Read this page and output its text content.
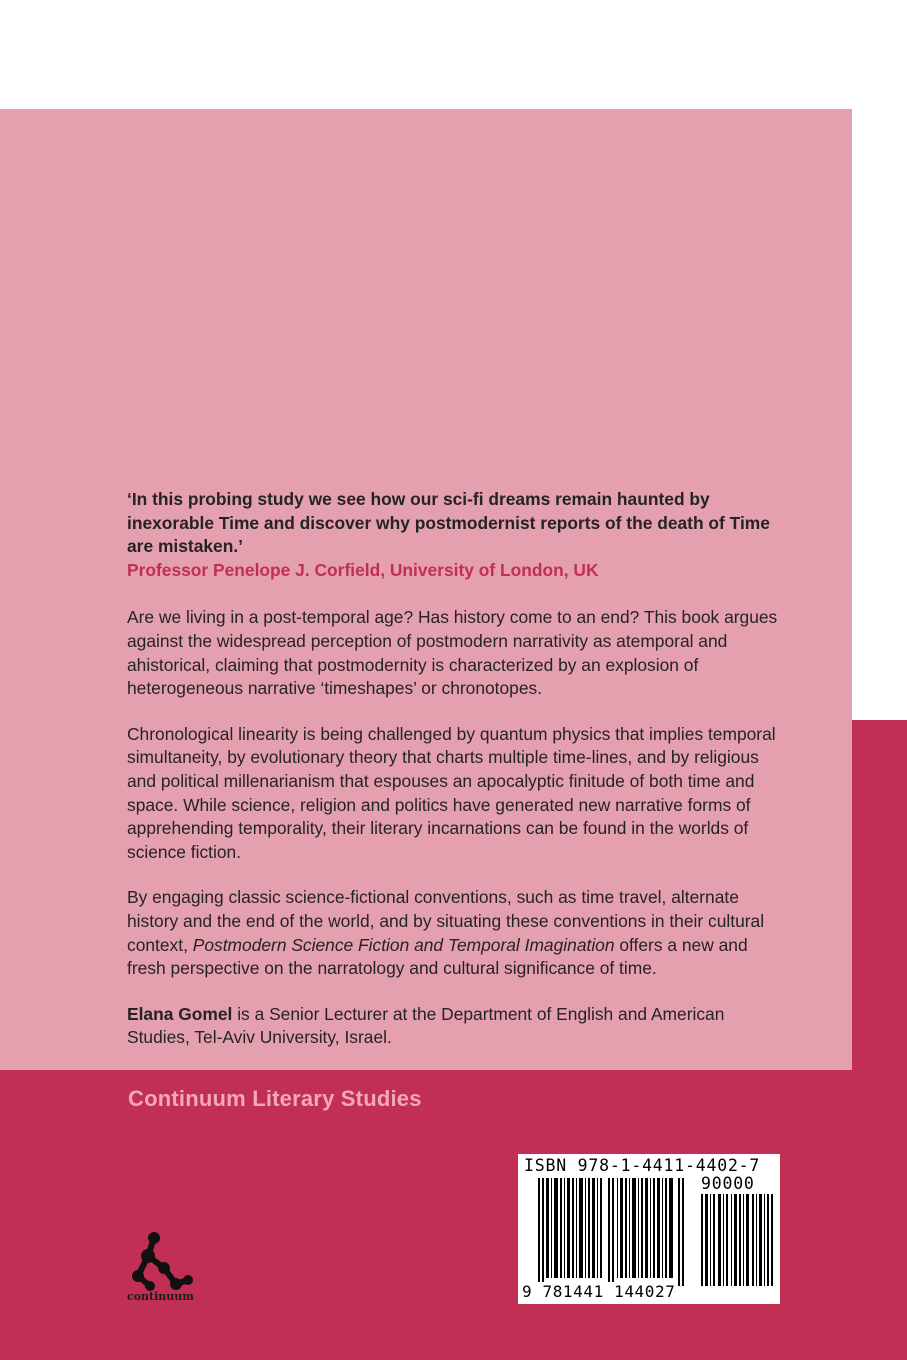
‘In this probing study we see how our sci-fi dreams remain haunted by inexorable Time and discover why postmodernist reports of the death of Time are mistaken.’

Professor Penelope J. Corfield, University of London, UK

Are we living in a post-temporal age? Has history come to an end? This book argues against the widespread perception of postmodern narrativity as atemporal and ahistorical, claiming that postmodernity is characterized by an explosion of heterogeneous narrative ‘timeshapes’ or chronotopes.

Chronological linearity is being challenged by quantum physics that implies temporal simultaneity, by evolutionary theory that charts multiple time-lines, and by religious and political millenarianism that espouses an apocalyptic finitude of both time and space. While science, religion and politics have generated new narrative forms of apprehending temporality, their literary incarnations can be found in the worlds of science fiction.

By engaging classic science-fictional conventions, such as time travel, alternate history and the end of the world, and by situating these conventions in their cultural context, Postmodern Science Fiction and Temporal Imagination offers a new and fresh perspective on the narratology and cultural significance of time.

Elana Gomel is a Senior Lecturer at the Department of English and American Studies, Tel-Aviv University, Israel.

Continuum Literary Studies
continuum
ISBN 978-1-4411-4402-7
90000
9 781441 144027
